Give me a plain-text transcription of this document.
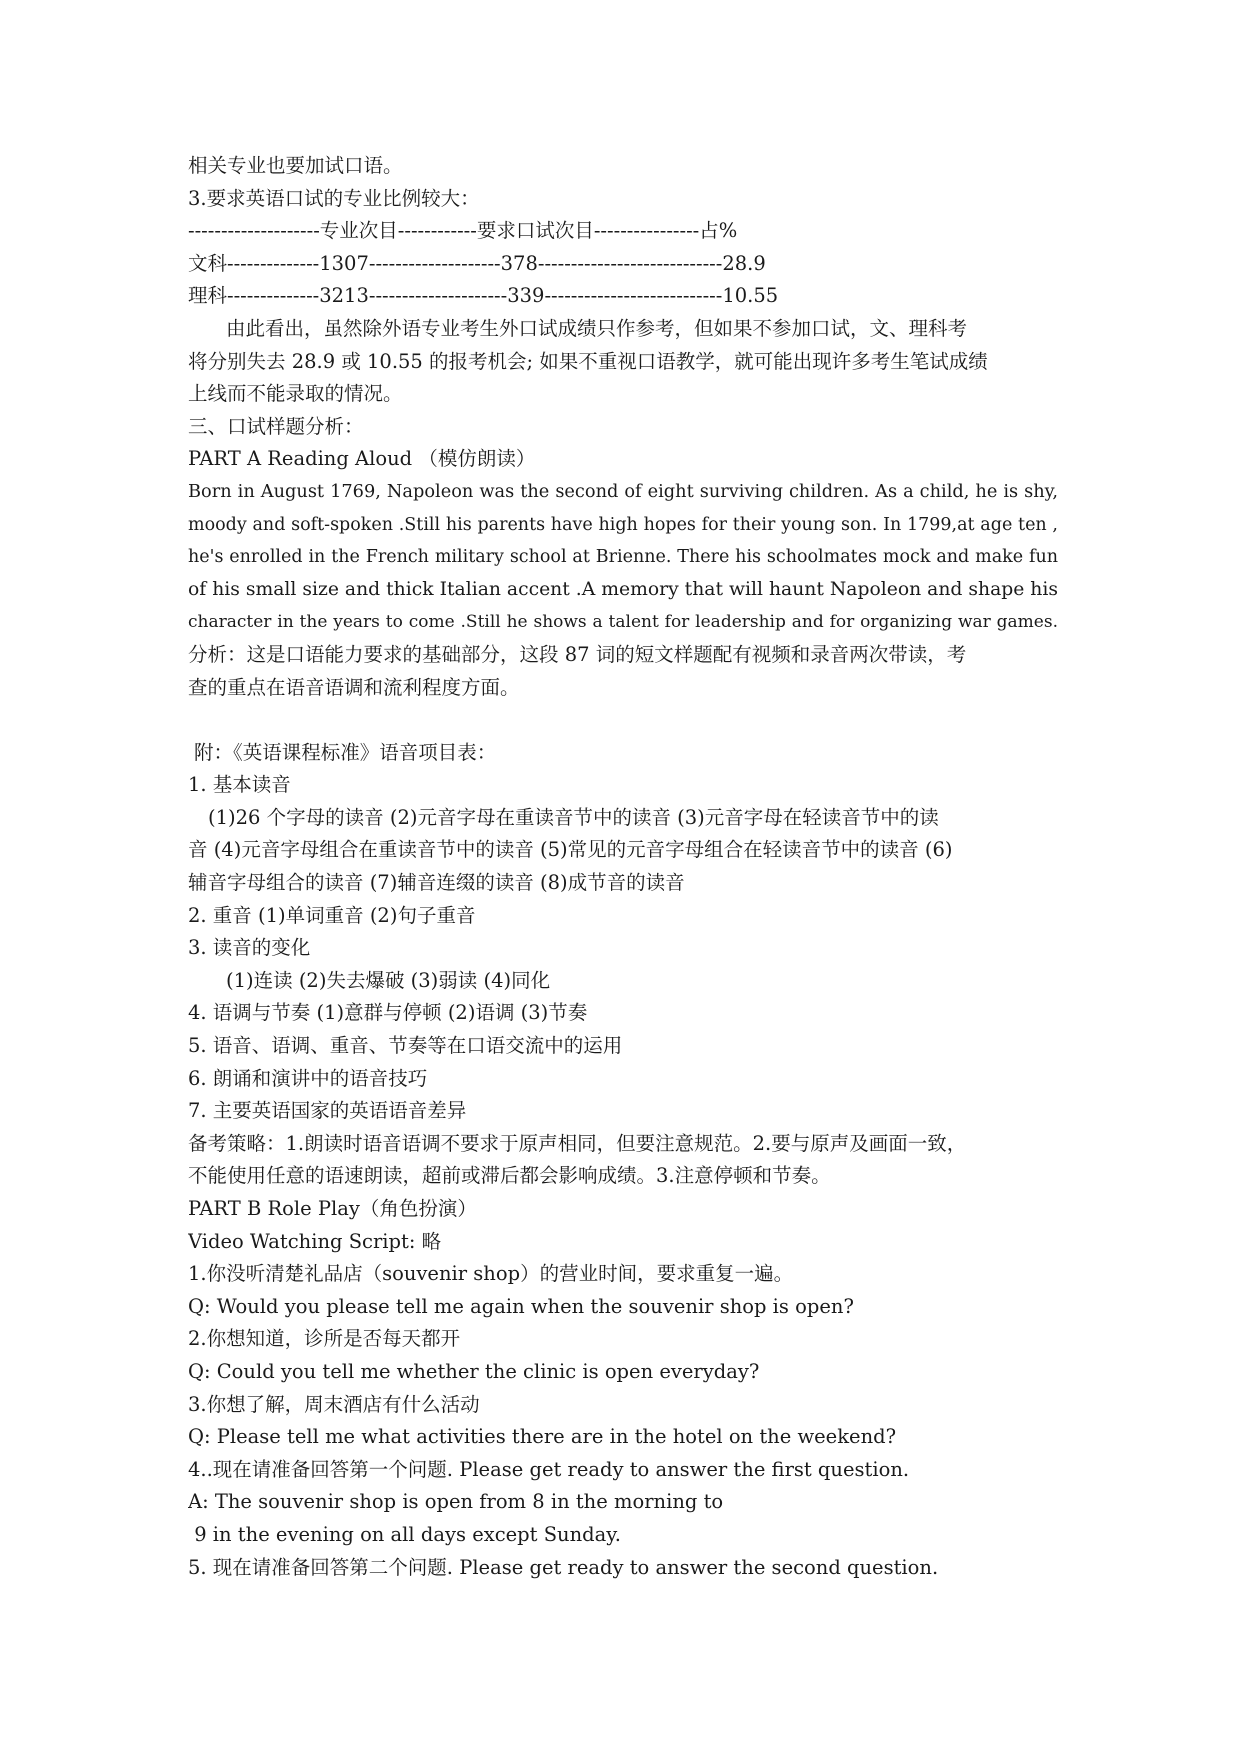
相关专业也要加试口语。
3.要求英语口试的专业比例较大：
--------------------专业次目------------要求口试次目----------------占%
文科--------------1307--------------------378----------------------------28.9
理科--------------3213---------------------339---------------------------10.55
由此看出，虽然除外语专业考生外口试成绩只作参考，但如果不参加口试，文、理科考
将分别失去 28.9 或 10.55 的报考机会; 如果不重视口语教学，就可能出现许多考生笔试成绩
上线而不能录取的情况。
三、口试样题分析：
PART A Reading Aloud （模仿朗读）
Born in August 1769, Napoleon was the second of eight surviving children. As a child, he is shy,
moody and soft-spoken .Still his parents have high hopes for their young son. In 1799,at age ten ,
he's enrolled in the French military school at Brienne. There his schoolmates mock and make fun
of his small size and thick Italian accent .A memory that will haunt Napoleon and shape his
character in the years to come .Still he shows a talent for leadership and for organizing war games.
分析：这是口语能力要求的基础部分，这段 87 词的短文样题配有视频和录音两次带读，考
查的重点在语音语调和流利程度方面。
附：《英语课程标准》语音项目表：
1. 基本读音
(1)26 个字母的读音 (2)元音字母在重读音节中的读音 (3)元音字母在轻读音节中的读
音 (4)元音字母组合在重读音节中的读音 (5)常见的元音字母组合在轻读音节中的读音 (6)
辅音字母组合的读音 (7)辅音连缀的读音 (8)成节音的读音
2. 重音 (1)单词重音 (2)句子重音
3. 读音的变化
(1)连读 (2)失去爆破 (3)弱读 (4)同化
4. 语调与节奏 (1)意群与停顿 (2)语调 (3)节奏
5. 语音、语调、重音、节奏等在口语交流中的运用
6. 朗诵和演讲中的语音技巧
7. 主要英语国家的英语语音差异
备考策略：1.朗读时语音语调不要求于原声相同，但要注意规范。2.要与原声及画面一致，
不能使用任意的语速朗读，超前或滞后都会影响成绩。3.注意停顿和节奏。
PART B Role Play（角色扮演）
Video Watching Script: 略
1.你没听清楚礼品店（souvenir shop）的营业时间，要求重复一遍。
Q: Would you please tell me again when the souvenir shop is open?
2.你想知道，诊所是否每天都开
Q: Could you tell me whether the clinic is open everyday?
3.你想了解，周末酒店有什么活动
Q: Please tell me what activities there are in the hotel on the weekend?
4..现在请准备回答第一个问题. Please get ready to answer the first question.
A: The souvenir shop is open from 8 in the morning to
9 in the evening on all days except Sunday.
5. 现在请准备回答第二个问题. Please get ready to answer the second question.
